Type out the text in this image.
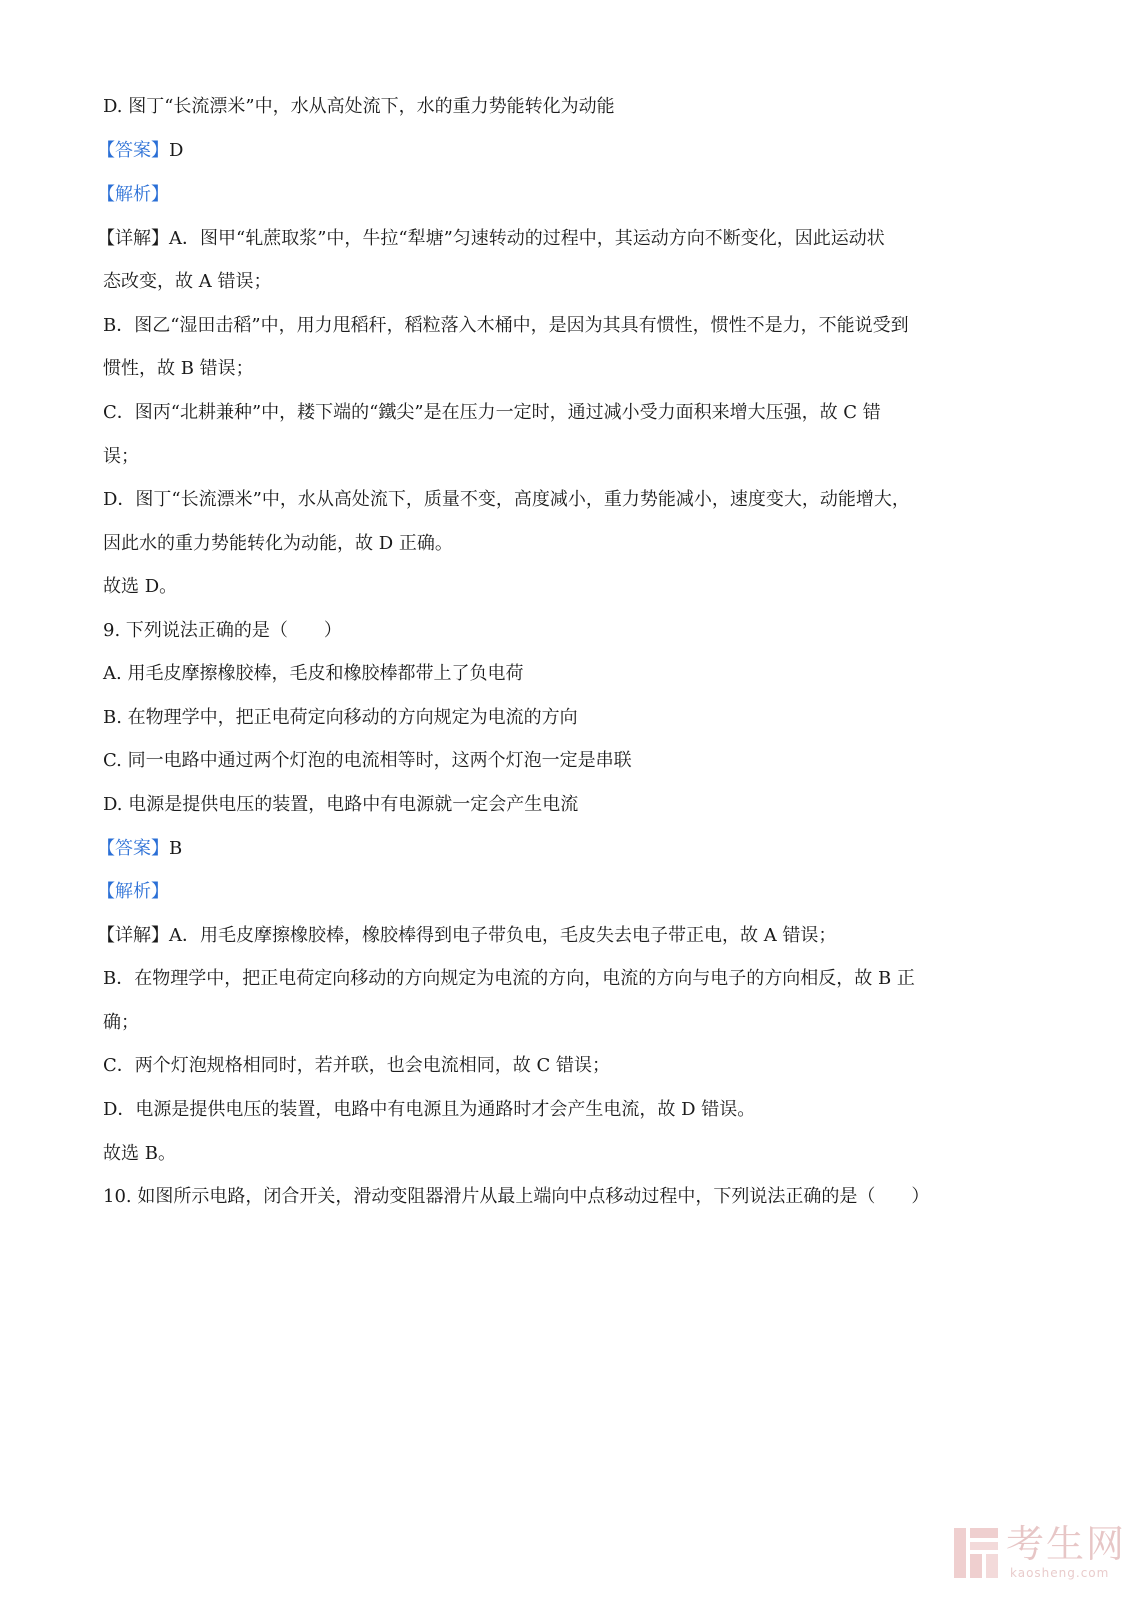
D. 图丁“长流漂米”中，水从高处流下，水的重力势能转化为动能
【答案】D
【解析】
【详解】A．图甲“轧蔗取浆”中，牛拉“犁塘”匀速转动的过程中，其运动方向不断变化，因此运动状
态改变，故 A 错误；
B．图乙“湿田击稻”中，用力甩稻秆，稻粒落入木桶中，是因为其具有惯性，惯性不是力，不能说受到
惯性，故 B 错误；
C．图丙“北耕兼种”中，耧下端的“鐵尖”是在压力一定时，通过减小受力面积来增大压强，故 C 错
误；
D．图丁“长流漂米”中，水从高处流下，质量不变，高度减小，重力势能减小，速度变大，动能增大，
因此水的重力势能转化为动能，故 D 正确。
故选 D。
9. 下列说法正确的是（　　）
A. 用毛皮摩擦橡胶棒，毛皮和橡胶棒都带上了负电荷
B. 在物理学中，把正电荷定向移动的方向规定为电流的方向
C. 同一电路中通过两个灯泡的电流相等时，这两个灯泡一定是串联
D. 电源是提供电压的装置，电路中有电源就一定会产生电流
【答案】B
【解析】
【详解】A．用毛皮摩擦橡胶棒，橡胶棒得到电子带负电，毛皮失去电子带正电，故 A 错误；
B．在物理学中，把正电荷定向移动的方向规定为电流的方向，电流的方向与电子的方向相反，故 B 正
确；
C．两个灯泡规格相同时，若并联，也会电流相同，故 C 错误；
D．电源是提供电压的装置，电路中有电源且为通路时才会产生电流，故 D 错误。
故选 B。
10. 如图所示电路，闭合开关，滑动变阻器滑片从最上端向中点移动过程中，下列说法正确的是（　　）
考生网
kaosheng.com
